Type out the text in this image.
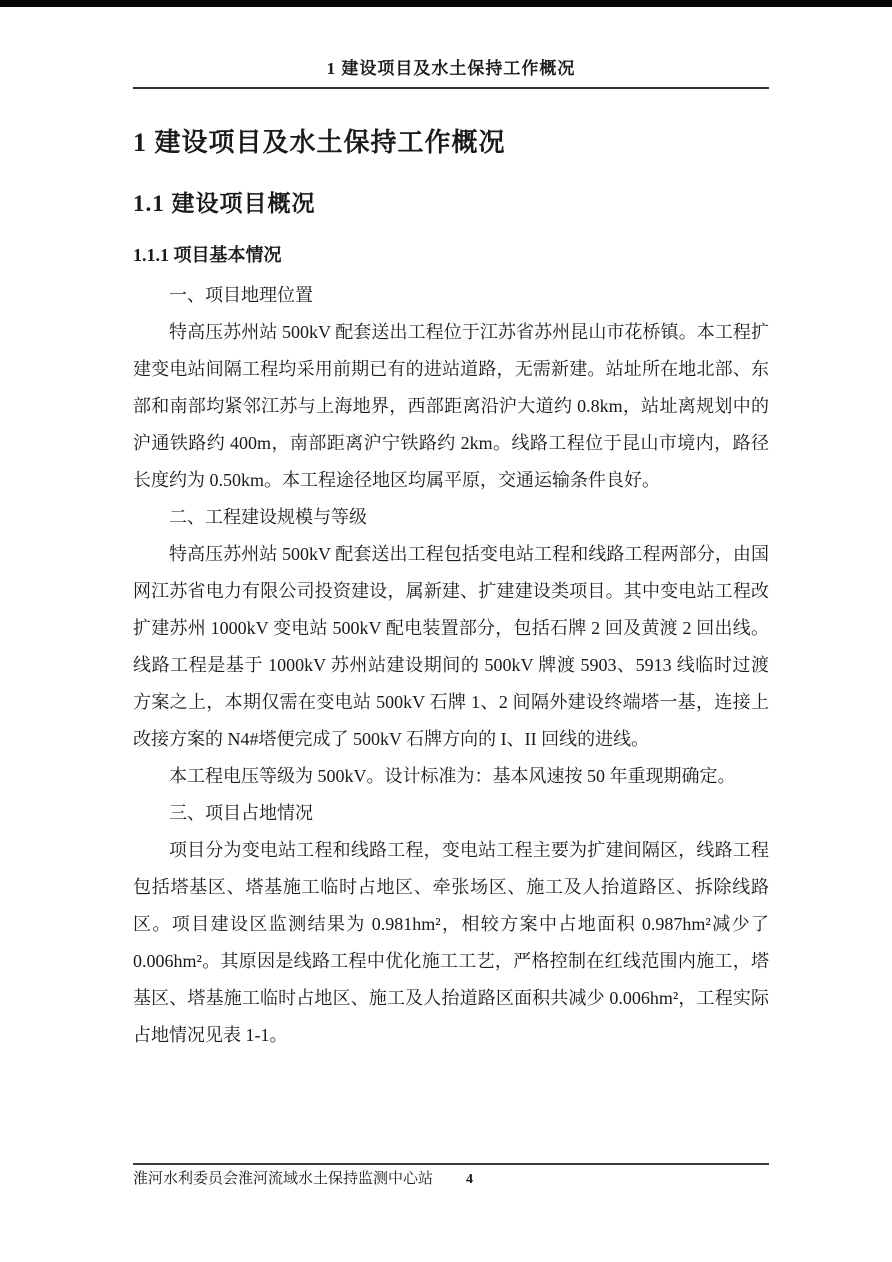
1 建设项目及水土保持工作概况
1 建设项目及水土保持工作概况
1.1 建设项目概况
1.1.1 项目基本情况

一、项目地理位置

特高压苏州站 500kV 配套送出工程位于江苏省苏州昆山市花桥镇。本工程扩建变电站间隔工程均采用前期已有的进站道路，无需新建。站址所在地北部、东部和南部均紧邻江苏与上海地界，西部距离沿沪大道约 0.8km，站址离规划中的沪通铁路约 400m，南部距离沪宁铁路约 2km。线路工程位于昆山市境内，路径长度约为 0.50km。本工程途径地区均属平原，交通运输条件良好。

二、工程建设规模与等级

特高压苏州站 500kV 配套送出工程包括变电站工程和线路工程两部分，由国网江苏省电力有限公司投资建设，属新建、扩建建设类项目。其中变电站工程改扩建苏州 1000kV 变电站 500kV 配电装置部分，包括石牌 2 回及黄渡 2 回出线。线路工程是基于 1000kV 苏州站建设期间的 500kV 牌渡 5903、5913 线临时过渡方案之上，本期仅需在变电站 500kV 石牌 1、2 间隔外建设终端塔一基，连接上改接方案的 N4#塔便完成了 500kV 石牌方向的 I、II 回线的进线。

本工程电压等级为 500kV。设计标准为：基本风速按 50 年重现期确定。

三、项目占地情况

项目分为变电站工程和线路工程，变电站工程主要为扩建间隔区，线路工程包括塔基区、塔基施工临时占地区、牵张场区、施工及人抬道路区、拆除线路区。项目建设区监测结果为 0.981hm²，相较方案中占地面积 0.987hm²减少了 0.006hm²。其原因是线路工程中优化施工工艺，严格控制在红线范围内施工，塔基区、塔基施工临时占地区、施工及人抬道路区面积共减少 0.006hm²，工程实际占地情况见表 1-1。

淮河水利委员会淮河流域水土保持监测中心站 4
